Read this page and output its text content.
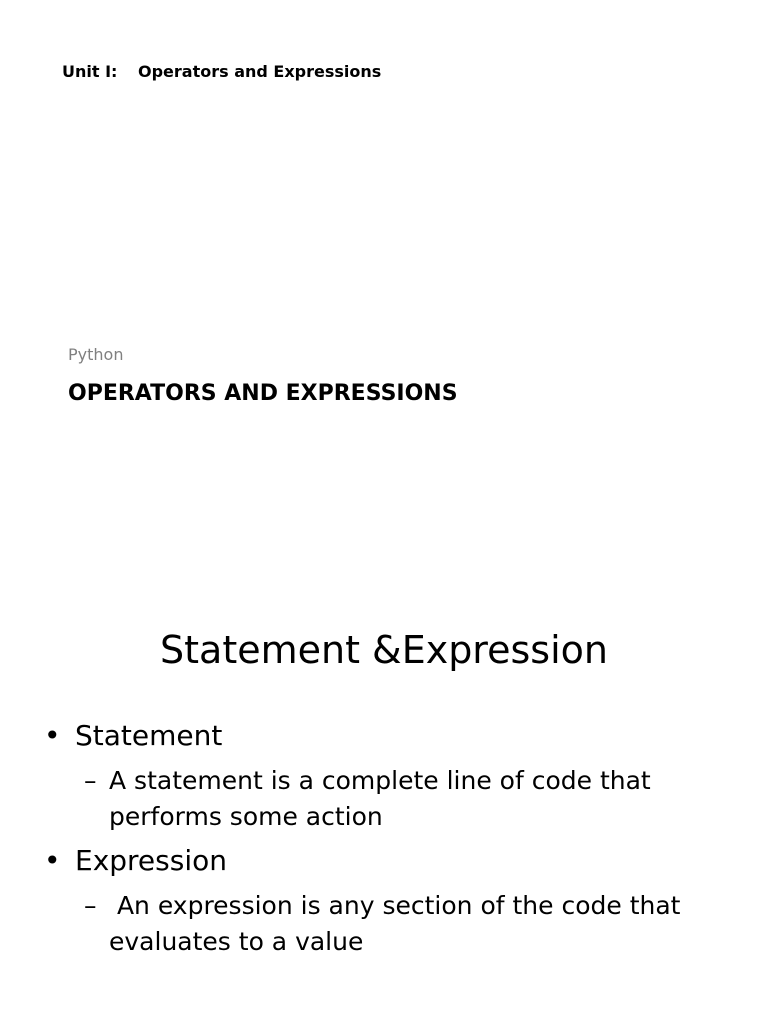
Unit I: Operators and Expressions
Python
OPERATORS AND EXPRESSIONS
Statement &Expression
• Statement
– A statement is a complete line of code that performs some action
• Expression
– An expression is any section of the code that evaluates to a value
